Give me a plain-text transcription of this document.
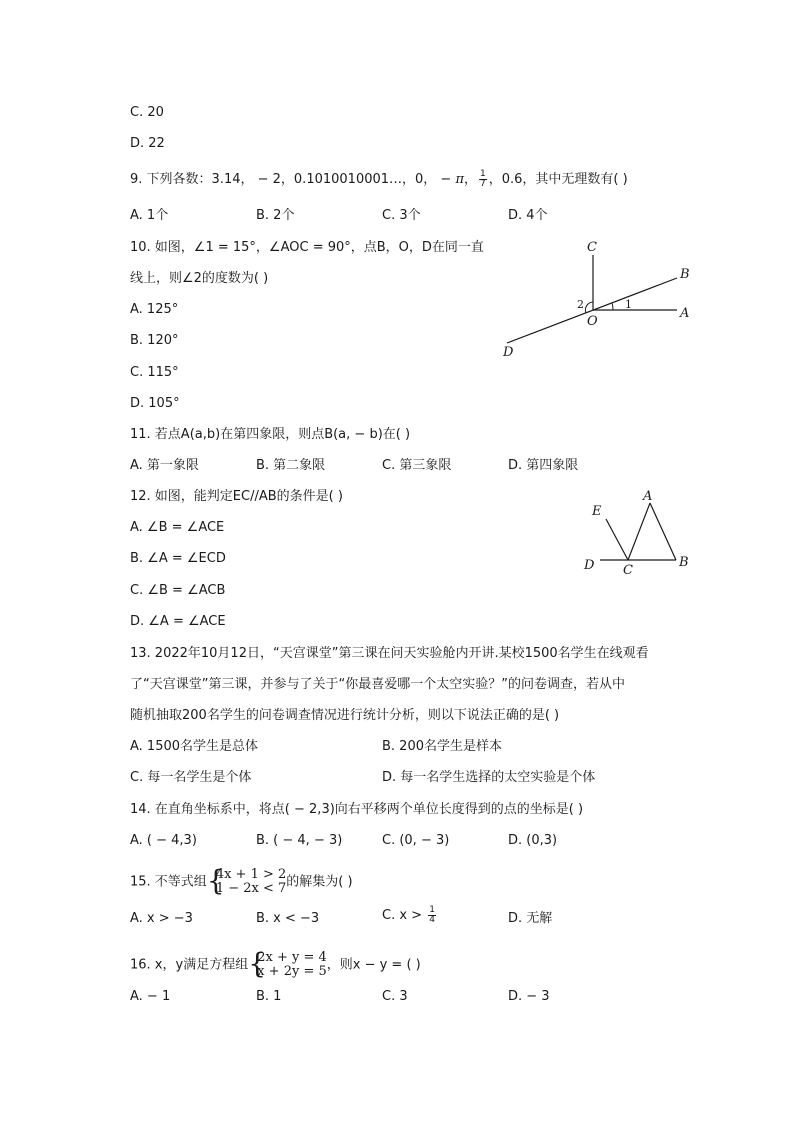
C. 20
D. 22
9. 下列各数：3.14， − 2，0.1010010001…，0， − π， $\frac{1}{7}$ ，0.6，其中无理数有( )
A. 1个	B. 2个	C. 3个	D. 4个
10. 如图，∠1 = 15°，∠AOC = 90°，点B，O，D在同一直
线上，则∠2的度数为( )
A. 125°
B. 120°
C. 115°
D. 105°
C
B
A
O
D
1
2
11. 若点A(a,b)在第四象限，则点B(a, − b)在( )
A. 第一象限	B. 第二象限	C. 第三象限	D. 第四象限
12. 如图，能判定EC//AB的条件是( )
A. ∠B = ∠ACE
B. ∠A = ∠ECD
C. ∠B = ∠ACB
D. ∠A = ∠ACE
E
A
D C
B
13. 2022年10月12日，“天宫课堂”第三课在问天实验舱内开讲.某校1500名学生在线观看
了“天宫课堂”第三课，并参与了关于“你最喜爱哪一个太空实验？”的问卷调查，若从中
随机抽取200名学生的问卷调查情况进行统计分析，则以下说法正确的是( )
A. 1500名学生是总体	B. 200名学生是样本
C. 每一名学生是个体	D. 每一名学生选择的太空实验是个体
14. 在直角坐标系中，将点( − 2,3)向右平移两个单位长度得到的点的坐标是( )
A. ( − 4,3)	B. ( − 4, − 3)	C. (0, − 3)	D. (0,3)
15. 不等式组 {
4x + 1 > 2
1 − 2x < 7 的解集为( )
A. x > −3	B. x < −3	C. $x > \frac{1}{4}$	D. 无解
16. x，y满足方程组 {
2x + y = 4
x + 2y = 5 ，则x − y = ( )
A. − 1	B. 1	C. 3	D. − 3
